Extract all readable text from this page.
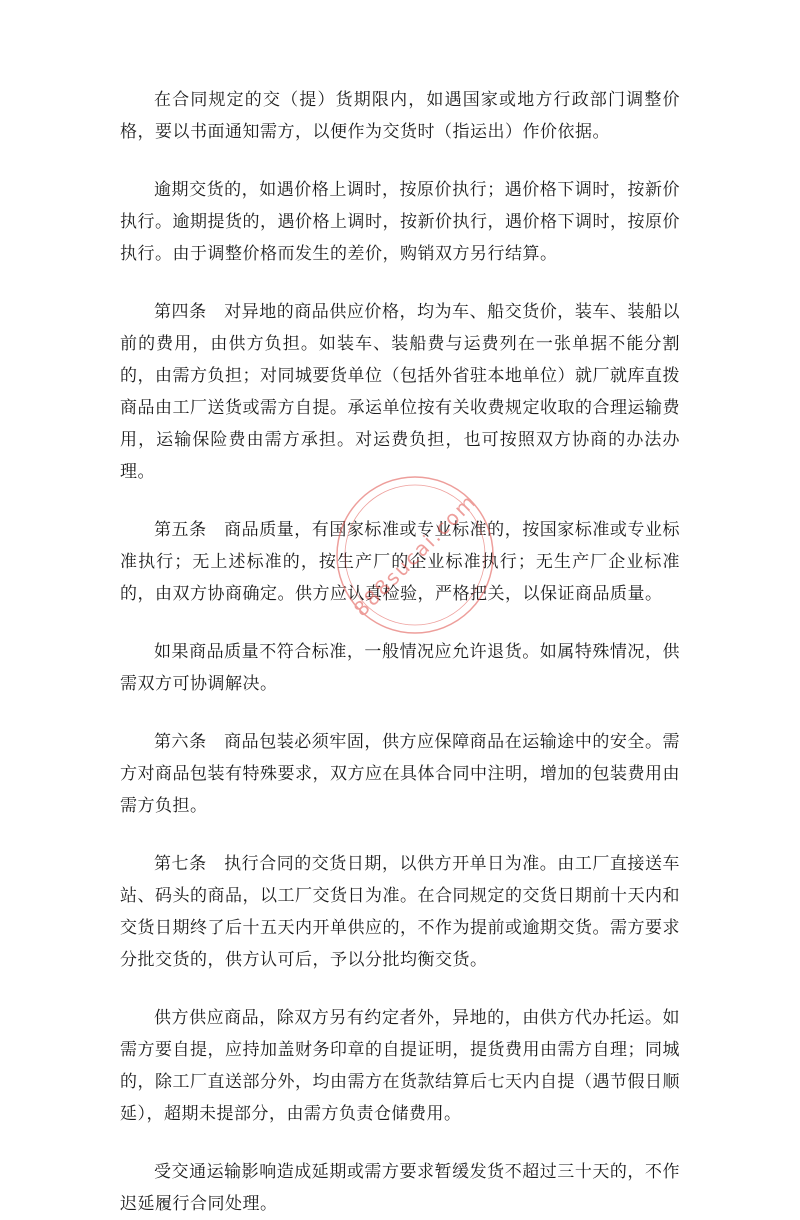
在合同规定的交（提）货期限内，如遇国家或地方行政部门调整价格，要以书面通知需方，以便作为交货时（指运出）作价依据。

逾期交货的，如遇价格上调时，按原价执行；遇价格下调时，按新价执行。逾期提货的，遇价格上调时，按新价执行，遇价格下调时，按原价执行。由于调整价格而发生的差价，购销双方另行结算。

第四条　对异地的商品供应价格，均为车、船交货价，装车、装船以前的费用，由供方负担。如装车、装船费与运费列在一张单据不能分割的，由需方负担；对同城要货单位（包括外省驻本地单位）就厂就库直拨商品由工厂送货或需方自提。承运单位按有关收费规定收取的合理运输费用，运输保险费由需方承担。对运费负担，也可按照双方协商的办法办理。

第五条　商品质量，有国家标准或专业标准的，按国家标准或专业标准执行；无上述标准的，按生产厂的企业标准执行；无生产厂企业标准的，由双方协商确定。供方应认真检验，严格把关，以保证商品质量。

如果商品质量不符合标准，一般情况应允许退货。如属特殊情况，供需双方可协调解决。

第六条　商品包装必须牢固，供方应保障商品在运输途中的安全。需方对商品包装有特殊要求，双方应在具体合同中注明，增加的包装费用由需方负担。

第七条　执行合同的交货日期，以供方开单日为准。由工厂直接送车站、码头的商品，以工厂交货日为准。在合同规定的交货日期前十天内和交货日期终了后十五天内开单供应的，不作为提前或逾期交货。需方要求分批交货的，供方认可后，予以分批均衡交货。

供方供应商品，除双方另有约定者外，异地的，由供方代办托运。如需方要自提，应持加盖财务印章的自提证明，提货费用由需方自理；同城的，除工厂直送部分外，均由需方在货款结算后七天内自提（遇节假日顺延），超期未提部分，由需方负责仓储费用。

受交通运输影响造成延期或需方要求暂缓发货不超过三十天的，不作迟延履行合同处理。

888sucai.com
